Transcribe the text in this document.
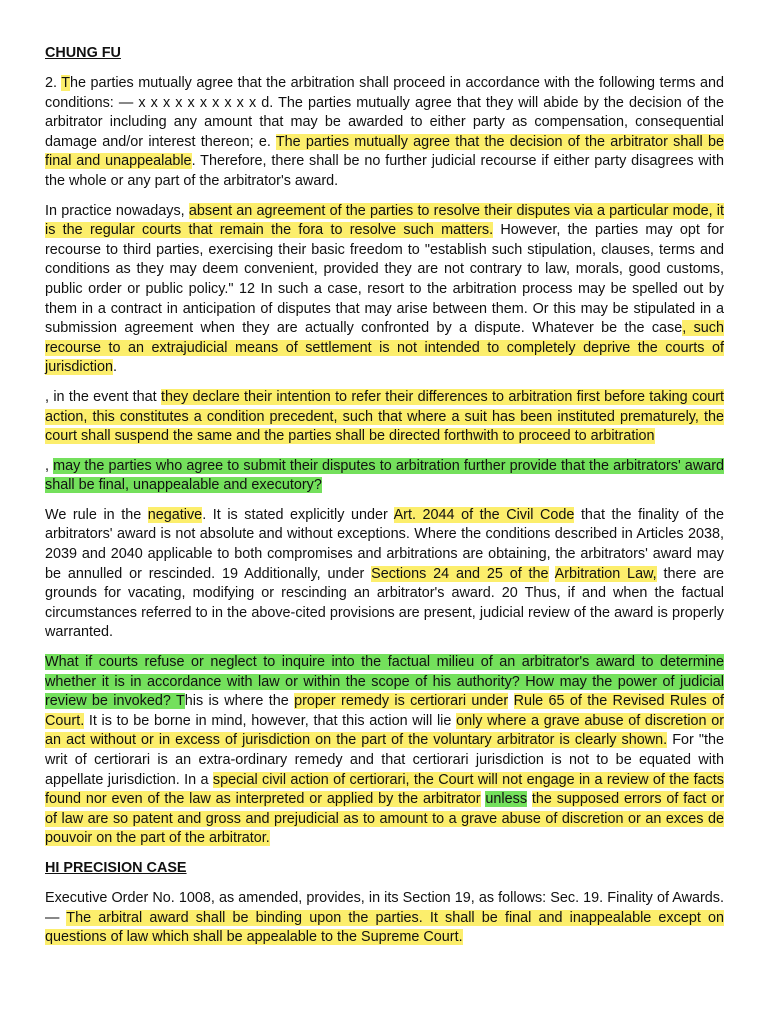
CHUNG FU

2. The parties mutually agree that the arbitration shall proceed in accordance with the following terms and conditions: — x x x x x x x x x x d. The parties mutually agree that they will abide by the decision of the arbitrator including any amount that may be awarded to either party as compensation, consequential damage and/or interest thereon; e. The parties mutually agree that the decision of the arbitrator shall be final and unappealable. Therefore, there shall be no further judicial recourse if either party disagrees with the whole or any part of the arbitrator's award.

In practice nowadays, absent an agreement of the parties to resolve their disputes via a particular mode, it is the regular courts that remain the fora to resolve such matters. However, the parties may opt for recourse to third parties, exercising their basic freedom to "establish such stipulation, clauses, terms and conditions as they may deem convenient, provided they are not contrary to law, morals, good customs, public order or public policy." 12 In such a case, resort to the arbitration process may be spelled out by them in a contract in anticipation of disputes that may arise between them. Or this may be stipulated in a submission agreement when they are actually confronted by a dispute. Whatever be the case, such recourse to an extrajudicial means of settlement is not intended to completely deprive the courts of jurisdiction.

, in the event that they declare their intention to refer their differences to arbitration first before taking court action, this constitutes a condition precedent, such that where a suit has been instituted prematurely, the court shall suspend the same and the parties shall be directed forthwith to proceed to arbitration

, may the parties who agree to submit their disputes to arbitration further provide that the arbitrators' award shall be final, unappealable and executory?

We rule in the negative. It is stated explicitly under Art. 2044 of the Civil Code that the finality of the arbitrators' award is not absolute and without exceptions. Where the conditions described in Articles 2038, 2039 and 2040 applicable to both compromises and arbitrations are obtaining, the arbitrators' award may be annulled or rescinded. 19 Additionally, under Sections 24 and 25 of the Arbitration Law, there are grounds for vacating, modifying or rescinding an arbitrator's award. 20 Thus, if and when the factual circumstances referred to in the above-cited provisions are present, judicial review of the award is properly warranted.

What if courts refuse or neglect to inquire into the factual milieu of an arbitrator's award to determine whether it is in accordance with law or within the scope of his authority? How may the power of judicial review be invoked? This is where the proper remedy is certiorari under Rule 65 of the Revised Rules of Court. It is to be borne in mind, however, that this action will lie only where a grave abuse of discretion or an act without or in excess of jurisdiction on the part of the voluntary arbitrator is clearly shown. For "the writ of certiorari is an extra-ordinary remedy and that certiorari jurisdiction is not to be equated with appellate jurisdiction. In a special civil action of certiorari, the Court will not engage in a review of the facts found nor even of the law as interpreted or applied by the arbitrator unless the supposed errors of fact or of law are so patent and gross and prejudicial as to amount to a grave abuse of discretion or an exces de pouvoir on the part of the arbitrator.

HI PRECISION CASE

Executive Order No. 1008, as amended, provides, in its Section 19, as follows: Sec. 19. Finality of Awards. — The arbitral award shall be binding upon the parties. It shall be final and inappealable except on questions of law which shall be appealable to the Supreme Court.
